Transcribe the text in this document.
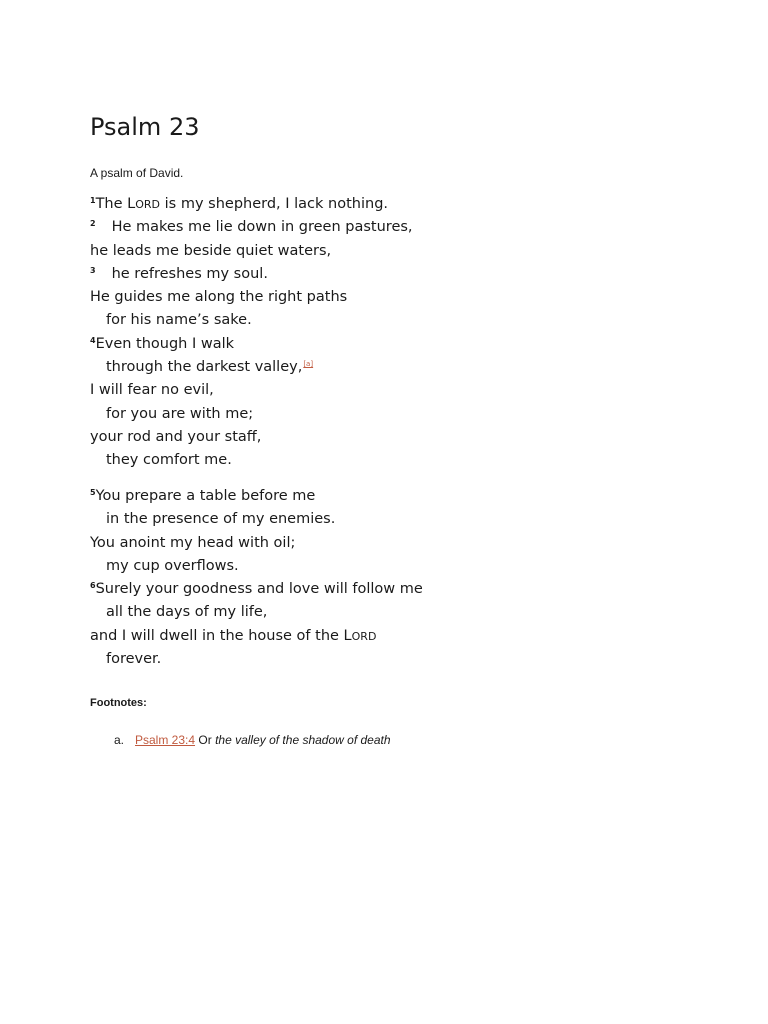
Psalm 23

A psalm of David.

$^1$The LORD is my shepherd, I lack nothing.
$^2$ He makes me lie down in green pastures,
he leads me beside quiet waters,
$^3$ he refreshes my soul.
He guides me along the right paths
for his name’s sake.
$^4$Even though I walk
through the darkest valley,[a]
I will fear no evil,
for you are with me;
your rod and your staff,
they comfort me.
$^5$You prepare a table before me
in the presence of my enemies.
You anoint my head with oil;
my cup overflows.
$^6$Surely your goodness and love will follow me
all the days of my life,
and I will dwell in the house of the LORD
forever.

Footnotes:

a. Psalm 23:4 Or the valley of the shadow of death
